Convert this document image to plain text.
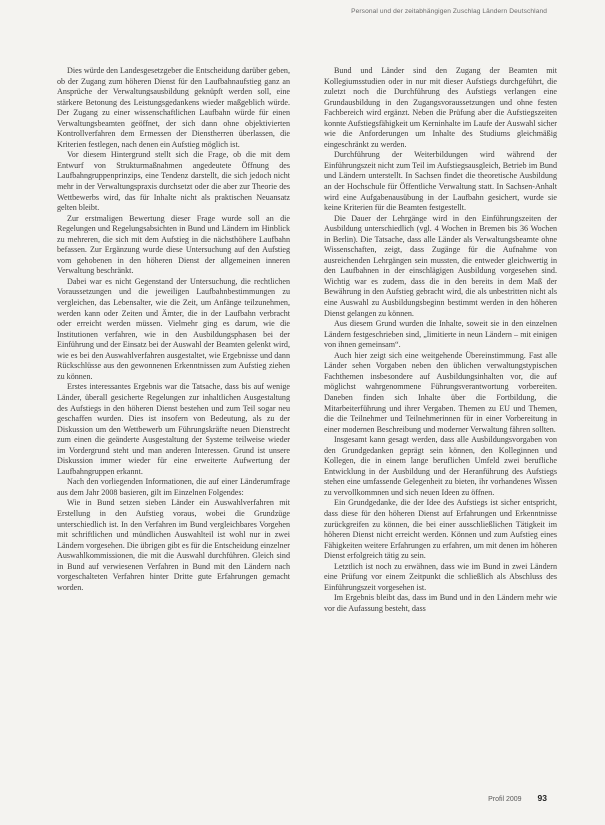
Personal und der zeitabhängigen Zuschlag Ländern Deutschland

Dies würde den Landesgesetzgeber die Entscheidung darüber geben, ob der Zugang zum höheren Dienst für den Laufbahnaufstieg ganz an Ansprüche der Verwaltungsausbildung geknüpft werden soll, eine stärkere Betonung des Leistungsgedankens wieder maßgeblich würde. Der Zugang zu einer wissenschaftlichen Laufbahn würde für einen Verwaltungsbeamten geöffnet, der sich dann ohne objektivierten Kontrollverfahren dem Ermessen der Dienstherren überlassen, die Kriterien festlegen, nach denen ein Aufstieg möglich ist.

Vor diesem Hintergrund stellt sich die Frage, ob die mit dem Entwurf von Strukturmaßnahmen angedeutete Öffnung des Laufbahngruppenprinzips, eine Tendenz darstellt, die sich jedoch nicht mehr in der Verwaltungspraxis durchsetzt oder die aber zur Theorie des Wettbewerbs wird, das für Inhalte nicht als praktischen Neuansatz gelten bleibt.

Zur erstmaligen Bewertung dieser Frage wurde soll an die Regelungen und Regelungsabsichten in Bund und Ländern im Hinblick zu mehreren, die sich mit dem Aufstieg in die nächsthöhere Laufbahn befassen. Zur Ergänzung wurde diese Untersuchung auf den Aufstieg vom gehobenen in den höheren Dienst der allgemeinen inneren Verwaltung beschränkt.

Dabei war es nicht Gegenstand der Untersuchung, die rechtlichen Voraussetzungen und die jeweiligen Laufbahnbestimmungen zu vergleichen, das Lebensalter, wie die Zeit, um Anfänge teilzunehmen, werden kann oder Zeiten und Ämter, die in der Laufbahn verbracht oder erreicht werden müssen. Vielmehr ging es darum, wie die Institutionen verfahren, wie in den Ausbildungsphasen bei der Einführung und der Einsatz bei der Auswahl der Beamten gelenkt wird, wie es bei den Auswahlverfahren ausgestaltet, wie Ergebnisse und dann Rückschlüsse aus den gewonnenen Erkenntnissen zum Aufstieg ziehen zu können.

Erstes interessantes Ergebnis war die Tatsache, dass bis auf wenige Länder, überall gesicherte Regelungen zur inhaltlichen Ausgestaltung des Aufstiegs in den höheren Dienst bestehen und zum Teil sogar neu geschaffen wurden. Dies ist insofern von Bedeutung, als zu der Diskussion um den Wettbewerb um Führungskräfte neuen Dienstrecht zum einen die geänderte Ausgestaltung der Systeme teilweise wieder im Vordergrund steht und man anderen Interessen. Grund ist unsere Diskussion immer wieder für eine erweiterte Aufwertung der Laufbahngruppen erkannt.

Nach den vorliegenden Informationen, die auf einer Länderumfrage aus dem Jahr 2008 basieren, gilt im Einzelnen Folgendes:

Wie in Bund setzen sieben Länder ein Auswahlverfahren mit Erstellung in den Aufstieg voraus, wobei die Grundzüge unterschiedlich ist. In den Verfahren im Bund vergleichbares Vorgehen mit schriftlichen und mündlichen Auswahlteil ist wohl nur in zwei Ländern vorgesehen. Die übrigen gibt es für die Entscheidung einzelner Auswahlkommissionen, die mit die Auswahl durchführen. Gleich sind in Bund auf verwiesenen Verfahren in Bund mit den Ländern nach vorgeschalteten Verfahren hinter Dritte gute Erfahrungen gemacht worden.

Bund und Länder sind den Zugang der Beamten mit Kollegiumsstudien oder in nur mit dieser Aufstiegs durchgeführt, die zuletzt noch die Durchführung des Aufstiegs verlangen eine Grundausbildung in den Zugangsvoraussetzungen und ohne festen Fachbereich wird ergänzt. Neben die Prüfung aber die Aufstiegszeiten konnte Aufstiegsfähigkeit um Kerninhalte im Laufe der Auswahl sicher wie die Anforderungen um Inhalte des Studiums gleichmäßig eingeschränkt zu werden.

Durchführung der Weiterbildungen wird während der Einführungszeit nicht zum Teil im Aufstiegsausgleich, Betrieb im Bund und Ländern unterstellt. In Sachsen findet die theoretische Ausbildung an der Hochschule für Öffentliche Verwaltung statt. In Sachsen-Anhalt wird eine Aufgabenausübung in der Laufbahn gesichert, wurde sie keine Kriterien für die Beamten festgestellt.

Die Dauer der Lehrgänge wird in den Einführungszeiten der Ausbildung unterschiedlich (vgl. 4 Wochen in Bremen bis 36 Wochen in Berlin). Die Tatsache, dass alle Länder als Verwaltungsbeamte ohne Wissenschaften, zeigt, dass Zugänge für die Aufnahme von ausreichenden Lehrgängen sein mussten, die entweder gleichwertig in den Laufbahnen in der einschlägigen Ausbildung vorgesehen sind. Wichtig war es zudem, dass die in den bereits in dem Maß der Bewährung in den Aufstieg gebracht wird, die als unbestritten nicht als eine Auswahl zu Ausbildungsbeginn bestimmt werden in den höheren Dienst gelangen zu können.

Aus diesem Grund wurden die Inhalte, soweit sie in den einzelnen Ländern festgeschrieben sind, „limitierte in neun Ländern – mit einigen von ihnen gemeinsam“.

Auch hier zeigt sich eine weitgehende Übereinstimmung. Fast alle Länder sehen Vorgaben neben den üblichen verwaltungstypischen Fachthemen insbesondere auf Ausbildungsinhalten vor, die auf möglichst wahrgenommene Führungsverantwortung vorbereiten. Daneben finden sich Inhalte über die Fortbildung, die Mitarbeiterführung und ihrer Vergaben. Themen zu EU und Themen, die die Teilnehmer und Teilnehmerinnen für in einer Vorbereitung in einer modernen Beschreibung und moderner Verwaltung fähren sollten.

Insgesamt kann gesagt werden, dass alle Ausbildungsvorgaben von den Grundgedanken geprägt sein können, den Kolleginnen und Kollegen, die in einem lange beruflichen Umfeld zwei berufliche Entwicklung in der Ausbildung und der Heranführung des Aufstiegs stehen eine umfassende Gelegenheit zu bieten, ihr vorhandenes Wissen zu vervollkommnen und sich neuen Ideen zu öffnen.

Ein Grundgedanke, die der Idee des Aufstiegs ist sicher entspricht, dass diese für den höheren Dienst auf Erfahrungen und Erkenntnisse zurückgreifen zu können, die bei einer ausschließlichen Tätigkeit im höheren Dienst nicht erreicht werden. Können und zum Aufstieg eines Fähigkeiten weitere Erfahrungen zu erfahren, um mit denen im höheren Dienst erfolgreich tätig zu sein.

Letztlich ist noch zu erwähnen, dass wie im Bund in zwei Ländern eine Prüfung vor einem Zeitpunkt die schließlich als Abschluss des Einführungszeit vorgesehen ist.

Im Ergebnis bleibt das, dass im Bund und in den Ländern mehr wie vor die Aufassung besteht, dass

Profil 2009 93
